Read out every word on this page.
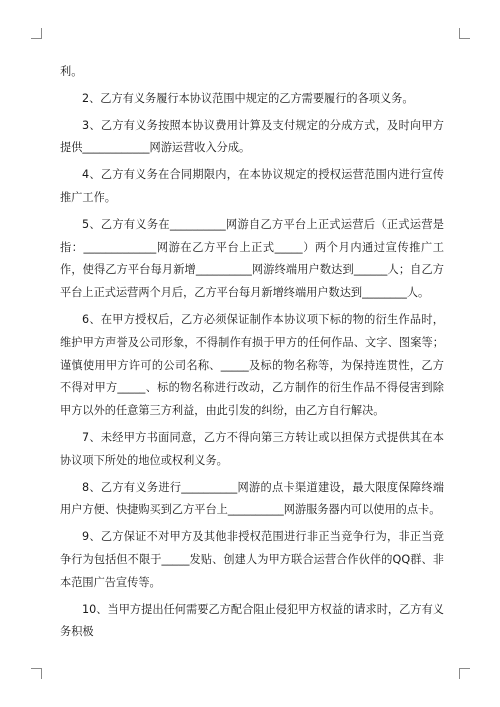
利。

2、乙方有义务履行本协议范围中规定的乙方需要履行的各项义务。

3、乙方有义务按照本协议费用计算及支付规定的分成方式，及时向甲方提供____________网游运营收入分成。

4、乙方有义务在合同期限内，在本协议规定的授权运营范围内进行宣传推广工作。

5、乙方有义务在__________网游自乙方平台上正式运营后（正式运营是指：_____________网游在乙方平台上正式_____）两个月内通过宣传推广工作，使得乙方平台每月新增__________网游终端用户数达到______人；自乙方平台上正式运营两个月后，乙方平台每月新增终端用户数达到________人。

6、在甲方授权后，乙方必须保证制作本协议项下标的物的衍生作品时，维护甲方声誉及公司形象，不得制作有损于甲方的任何作品、文字、图案等；谨慎使用甲方许可的公司名称、_____及标的物名称等，为保持连贯性，乙方不得对甲方_____、标的物名称进行改动，乙方制作的衍生作品不得侵害到除甲方以外的任意第三方利益，由此引发的纠纷，由乙方自行解决。

7、未经甲方书面同意，乙方不得向第三方转让或以担保方式提供其在本协议项下所处的地位或权利义务。

8、乙方有义务进行__________网游的点卡渠道建设，最大限度保障终端用户方便、快捷购买到乙方平台上__________网游服务器内可以使用的点卡。

9、乙方保证不对甲方及其他非授权范围进行非正当竞争行为，非正当竞争行为包括但不限于_____发贴、创建人为甲方联合运营合作伙伴的QQ群、非本范围广告宣传等。

10、当甲方提出任何需要乙方配合阻止侵犯甲方权益的请求时，乙方有义务积极
